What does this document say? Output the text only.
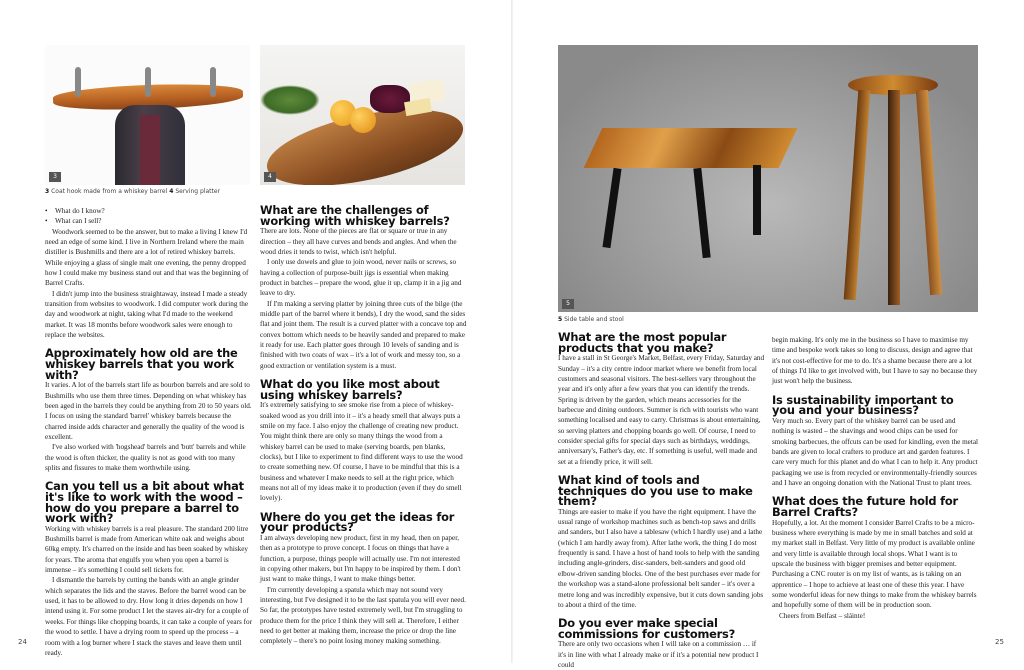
3	4
3 Coat hook made from a whiskey barrel 4 Serving platter
5
5 Side table and stool
• What do I know?
• What can I sell?

Woodwork seemed to be the answer, but to make a living I knew I'd need an edge of some kind. I live in Northern Ireland where the main distiller is Bushmills and there are a lot of retired whiskey barrels. While enjoying a glass of single malt one evening, the penny dropped how I could make my business stand out and that was the beginning of Barrel Crafts.

I didn't jump into the business straightaway, instead I made a steady transition from websites to woodwork. I did computer work during the day and woodwork at night, taking what I'd made to the weekend market. It was 18 months before woodwork sales were enough to replace the websites.

Approximately how old are the whiskey barrels that you work with?

It varies. A lot of the barrels start life as bourbon barrels and are sold to Bushmills who use them three times. Depending on what whiskey has been aged in the barrels they could be anything from 20 to 50 years old. I focus on using the standard 'barrel' whiskey barrels because the charred inside adds character and generally the quality of the wood is excellent.

I've also worked with 'hogshead' barrels and 'butt' barrels and while the wood is often thicker, the quality is not as good with too many splits and fissures to make them worthwhile using.

Can you tell us a bit about what it's like to work with the wood – how do you prepare a barrel to work with?

Working with whiskey barrels is a real pleasure. The standard 200 litre Bushmills barrel is made from American white oak and weighs about 60kg empty. It's charred on the inside and has been soaked by whiskey for years. The aroma that engulfs you when you open a barrel is immense – it's something I could sell tickets for.

I dismantle the barrels by cutting the bands with an angle grinder which separates the lids and the staves. Before the barrel wood can be used, it has to be allowed to dry. How long it dries depends on how I intend using it. For some product I let the staves air-dry for a couple of weeks. For things like chopping boards, it can take a couple of years for the wood to settle. I have a drying room to speed up the process – a room with a log burner where I stack the staves and leave them until ready.

What are the challenges of working with whiskey barrels?

There are lots. None of the pieces are flat or square or true in any direction – they all have curves and bends and angles. And when the wood dries it tends to twist, which isn't helpful.

I only use dowels and glue to join wood, never nails or screws, so having a collection of purpose-built jigs is essential when making product in batches – prepare the wood, glue it up, clamp it in a jig and leave to dry.

If I'm making a serving platter by joining three cuts of the bilge (the middle part of the barrel where it bends), I dry the wood, sand the sides flat and joint them. The result is a curved platter with a concave top and convex bottom which needs to be heavily sanded and prepared to make it ready for use. Each platter goes through 10 levels of sanding and is finished with two coats of wax – it's a lot of work and messy too, so a good extraction or ventilation system is a must.

What do you like most about using whiskey barrels?

It's extremely satisfying to see smoke rise from a piece of whiskey-soaked wood as you drill into it – it's a heady smell that always puts a smile on my face. I also enjoy the challenge of creating new product. You might think there are only so many things the wood from a whiskey barrel can be used to make (serving boards, pen blanks, clocks), but I like to experiment to find different ways to use the wood to create something new. Of course, I have to be mindful that this is a business and whatever I make needs to sell at the right price, which means not all of my ideas make it to production (even if they do smell lovely).

Where do you get the ideas for your products?

I am always developing new product, first in my head, then on paper, then as a prototype to prove concept. I focus on things that have a function, a purpose, things people will actually use. I'm not interested in copying other makers, but I'm happy to be inspired by them. I don't just want to make things, I want to make things better.

I'm currently developing a spatula which may not sound very interesting, but I've designed it to be the last spatula you will ever need. So far, the prototypes have tested extremely well, but I'm struggling to produce them for the price I think they will sell at. Therefore, I either need to get better at making them, increase the price or drop the line completely – there's no point losing money making something.

What are the most popular products that you make?

I have a stall in St George's Market, Belfast, every Friday, Saturday and Sunday – it's a city centre indoor market where we benefit from local customers and seasonal visitors. The best-sellers vary throughout the year and it's only after a few years that you can identify the trends. Spring is driven by the garden, which means accessories for the barbecue and dining outdoors. Summer is rich with tourists who want something localised and easy to carry. Christmas is about entertaining, so serving platters and chopping boards go well. Of course, I need to consider special gifts for special days such as birthdays, weddings, anniversary's, Father's day, etc. If something is useful, well made and set at a friendly price, it will sell.

What kind of tools and techniques do you use to make them?

Things are easier to make if you have the right equipment. I have the usual range of workshop machines such as bench-top saws and drills and sanders, but I also have a tablesaw (which I hardly use) and a lathe (which I am hardly away from). After lathe work, the thing I do most frequently is sand. I have a host of hand tools to help with the sanding including angle-grinders, disc-sanders, belt-sanders and good old elbow-driven sanding blocks. One of the best purchases ever made for the workshop was a stand-alone professional belt sander – it's over a metre long and was incredibly expensive, but it cuts down sanding jobs to about a third of the time.

Do you ever make special commissions for customers?

There are only two occasions when I will take on a commission … if it's in line with what I already make or if it's a potential new product I could

begin making. It's only me in the business so I have to maximise my time and bespoke work takes so long to discuss, design and agree that it's not cost-effective for me to do. It's a shame because there are a lot of things I'd like to get involved with, but I have to say no because they just won't help the business.

Is sustainability important to you and your business?

Very much so. Every part of the whiskey barrel can be used and nothing is wasted – the shavings and wood chips can be used for smoking barbecues, the offcuts can be used for kindling, even the metal bands are given to local crafters to produce art and garden features. I care very much for this planet and do what I can to help it. Any product packaging we use is from recycled or environmentally-friendly sources and I have an ongoing donation with the National Trust to plant trees.

What does the future hold for Barrel Crafts?

Hopefully, a lot. At the moment I consider Barrel Crafts to be a micro-business where everything is made by me in small batches and sold at my market stall in Belfast. Very little of my product is available online and very little is available through local shops. What I want is to upscale the business with bigger premises and better equipment. Purchasing a CNC router is on my list of wants, as is taking on an apprentice – I hope to achieve at least one of these this year. I have some wonderful ideas for new things to make from the whiskey barrels and hopefully some of them will be in production soon.

Cheers from Belfast – sláinte!

24	25
